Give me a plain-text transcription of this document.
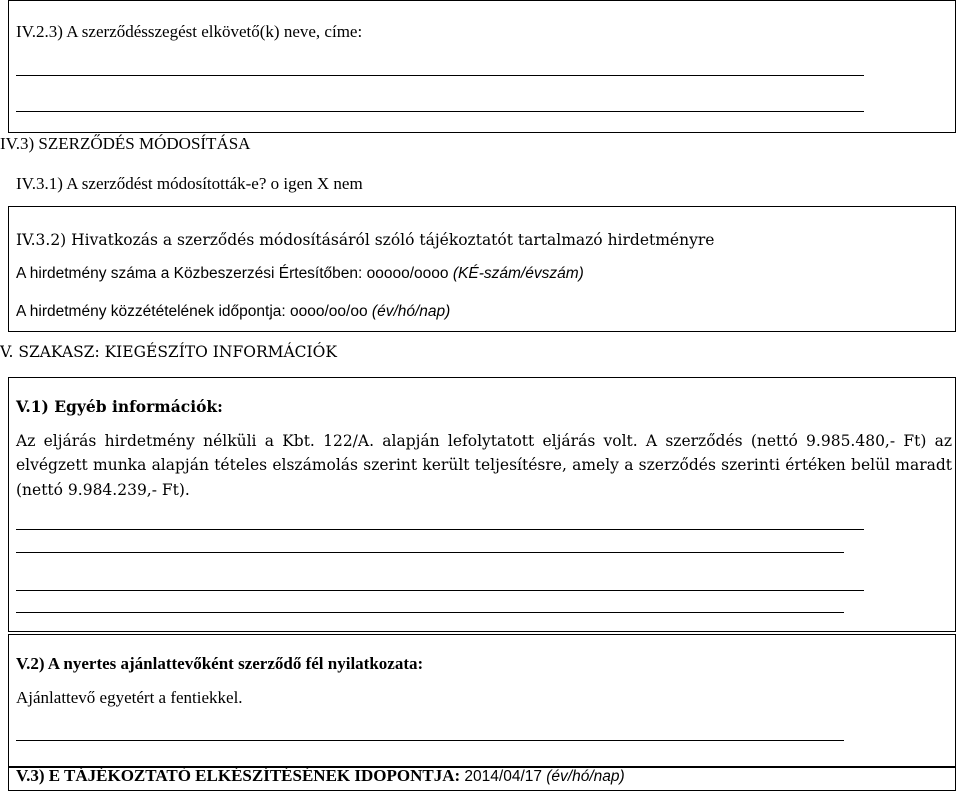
IV.2.3) A szerződésszegést elkövető(k) neve, címe:
IV.3) SZERZŐDÉS MÓDOSÍTÁSA
IV.3.1) A szerződést módosították-e? o igen X nem
IV.3.2) Hivatkozás a szerződés módosításáról szóló tájékoztatót tartalmazó hirdetményre
A hirdetmény száma a Közbeszerzési Értesítőben: ooooo/oooo (KÉ-szám/évszám)
A hirdetmény közzétételének időpontja: oooo/oo/oo (év/hó/nap)
V. SZAKASZ: KIEGÉSZÍTO INFORMÁCIÓK
V.1) Egyéb információk:
Az eljárás hirdetmény nélküli a Kbt. 122/A. alapján lefolytatott eljárás volt. A szerződés (nettó 9.985.480,- Ft) az
elvégzett munka alapján tételes elszámolás szerint került teljesítésre, amely a szerződés szerinti értéken belül maradt
(nettó 9.984.239,- Ft).
V.2) A nyertes ajánlattevőként szerződő fél nyilatkozata:
Ajánlattevő egyetért a fentiekkel.
V.3) E TÁJÉKOZTATÓ ELKÉSZÍTÉSÉNEK IDOPONTJA: 2014/04/17 (év/hó/nap)
